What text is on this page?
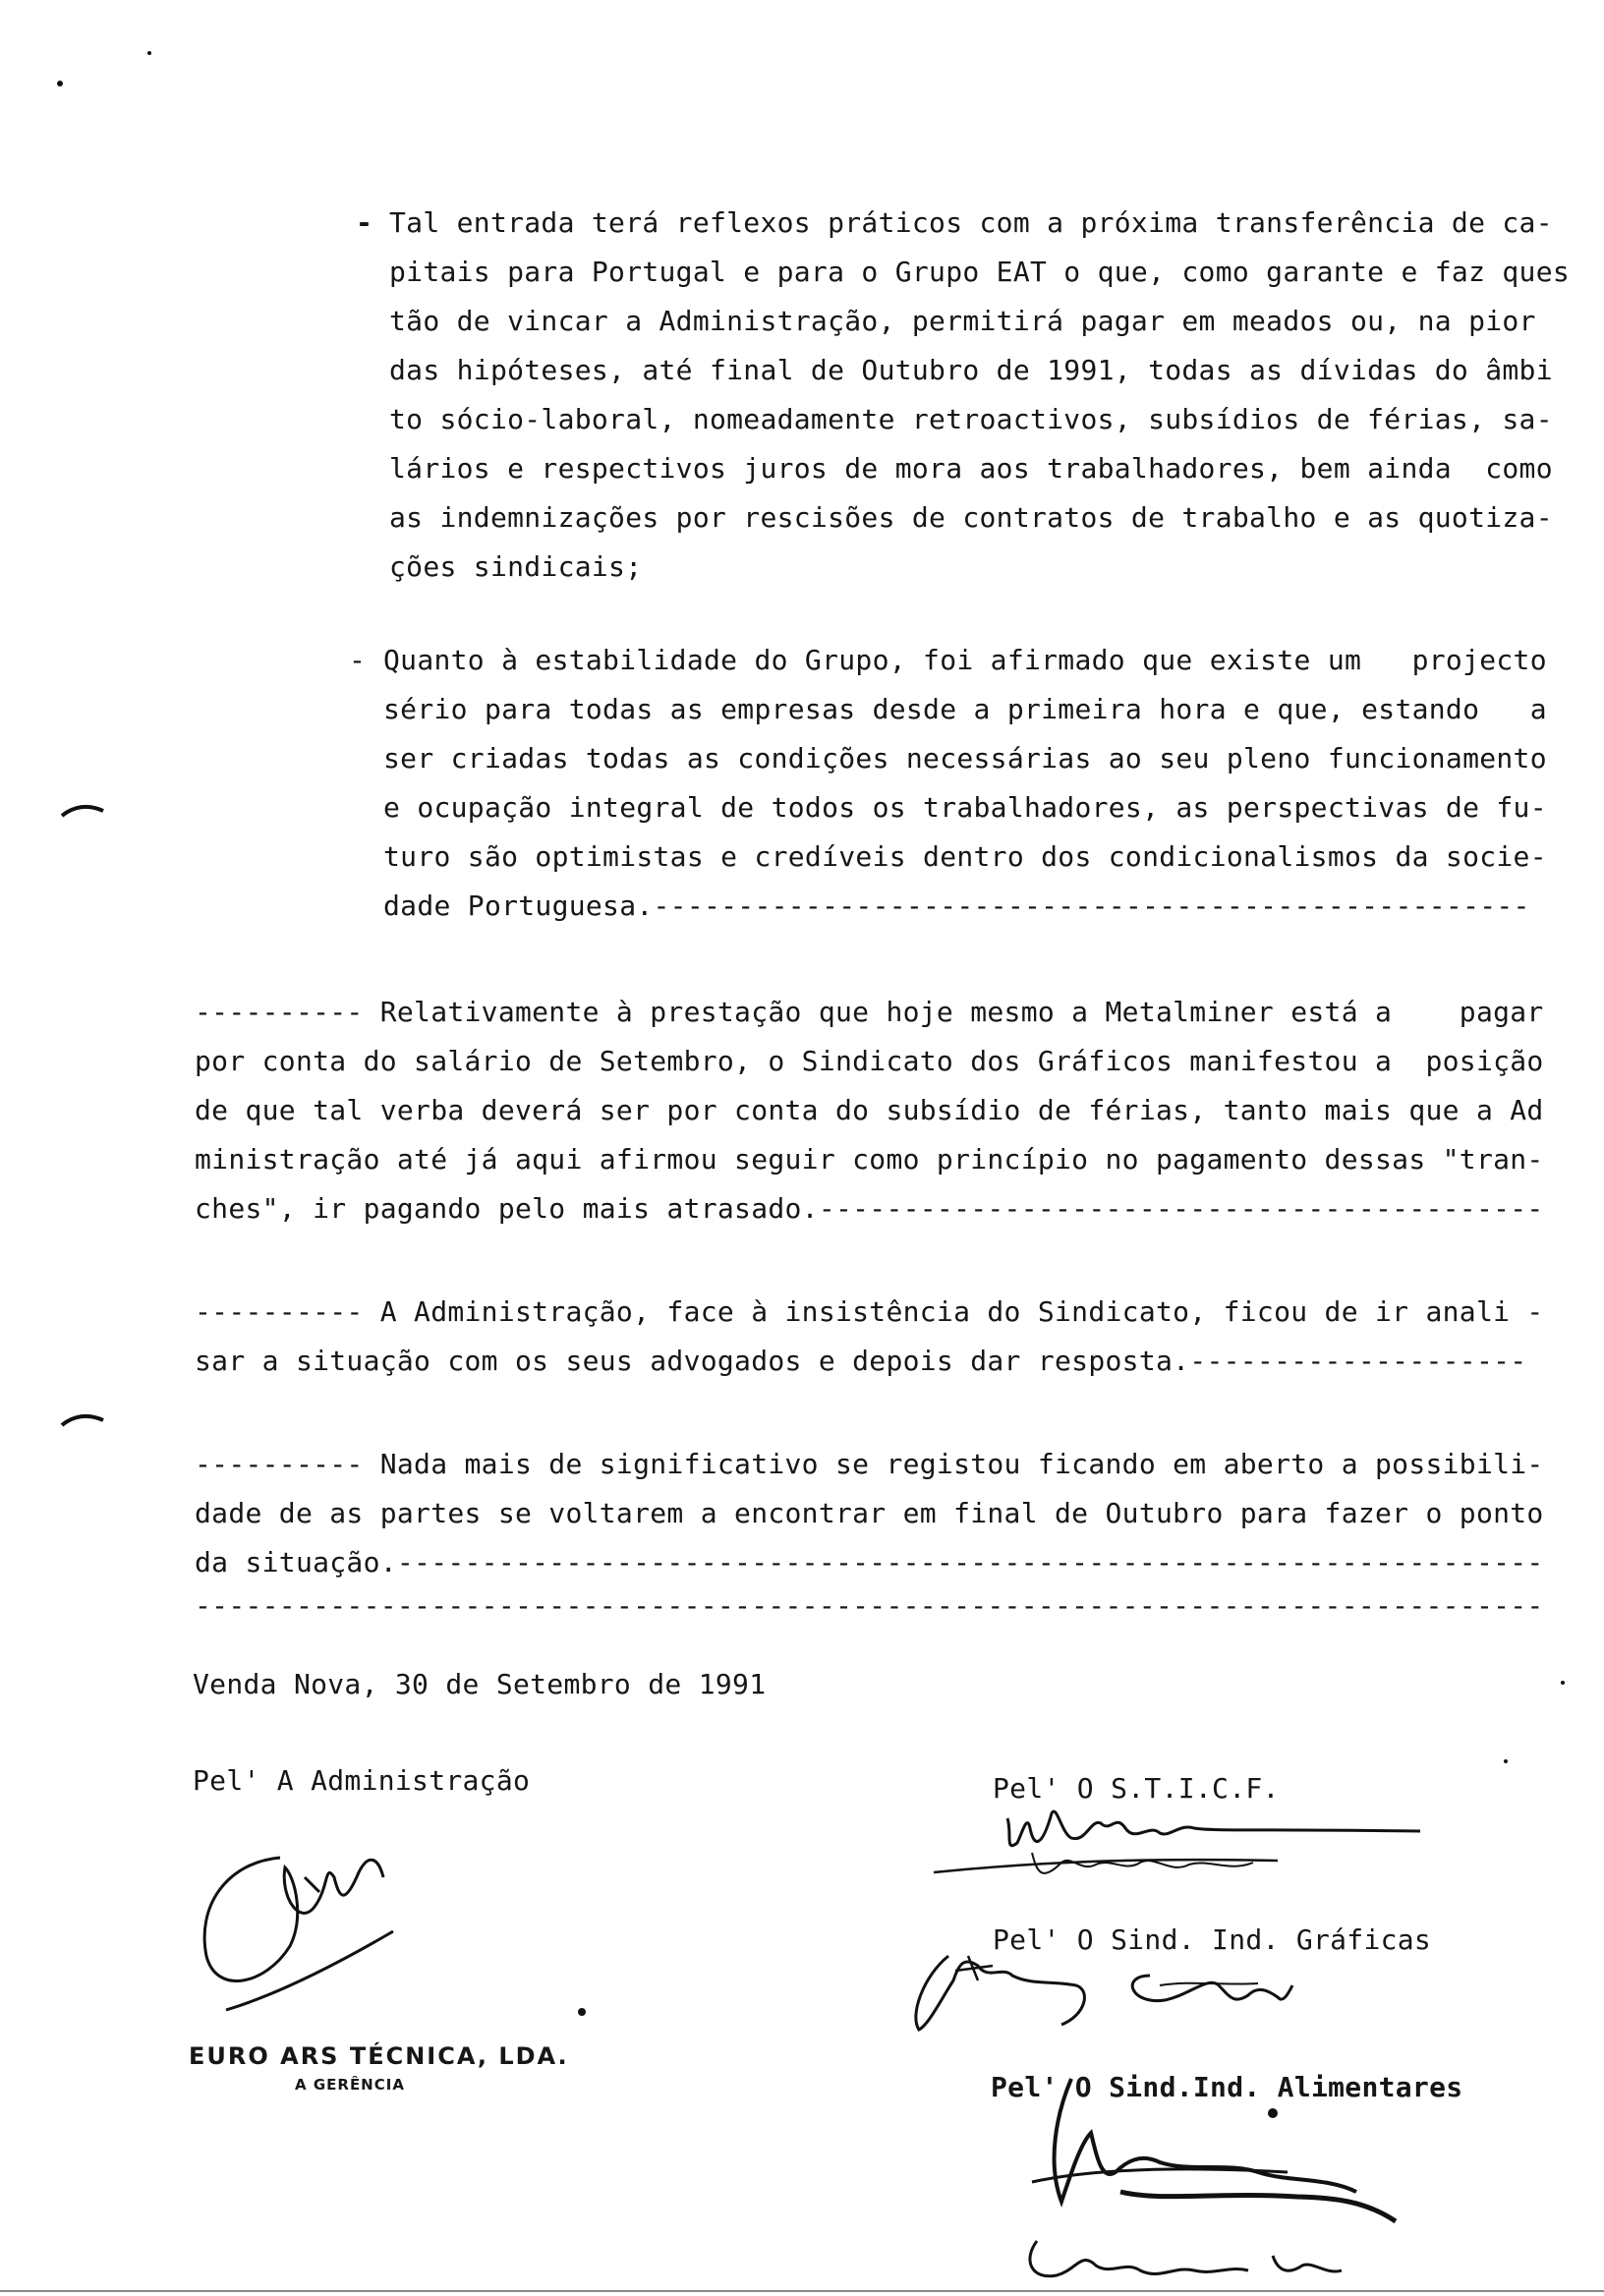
- Tal entrada terá reflexos práticos com a próxima transferência de ca-
pitais para Portugal e para o Grupo EAT o que, como garante e faz ques
tão de vincar a Administração, permitirá pagar em meados ou, na pior
das hipóteses, até final de Outubro de 1991, todas as dívidas do âmbi
to sócio-laboral, nomeadamente retroactivos, subsídios de férias, sa-
lários e respectivos juros de mora aos trabalhadores, bem ainda  como
as indemnizações por rescisões de contratos de trabalho e as quotiza-
ções sindicais;
- Quanto à estabilidade do Grupo, foi afirmado que existe um   projecto
sério para todas as empresas desde a primeira hora e que, estando   a
ser criadas todas as condições necessárias ao seu pleno funcionamento
e ocupação integral de todos os trabalhadores, as perspectivas de fu-
turo são optimistas e credíveis dentro dos condicionalismos da socie-
dade Portuguesa.----------------------------------------------------
---------- Relativamente à prestação que hoje mesmo a Metalminer está a    pagar
por conta do salário de Setembro, o Sindicato dos Gráficos manifestou a  posição
de que tal verba deverá ser por conta do subsídio de férias, tanto mais que a Ad
ministração até já aqui afirmou seguir como princípio no pagamento dessas "tran-
ches", ir pagando pelo mais atrasado.-------------------------------------------
---------- A Administração, face à insistência do Sindicato, ficou de ir anali -
sar a situação com os seus advogados e depois dar resposta.--------------------
---------- Nada mais de significativo se registou ficando em aberto a possibili-
dade de as partes se voltarem a encontrar em final de Outubro para fazer o ponto
da situação.--------------------------------------------------------------------
--------------------------------------------------------------------------------
Venda Nova, 30 de Setembro de 1991
Pel' A Administração	Pel' O S.T.I.C.F.
Pel' O Sind. Ind. Gráficas
Pel' O Sind.Ind. Alimentares
EURO ARS TÉCNICA, LDA.
A GERÊNCIA
